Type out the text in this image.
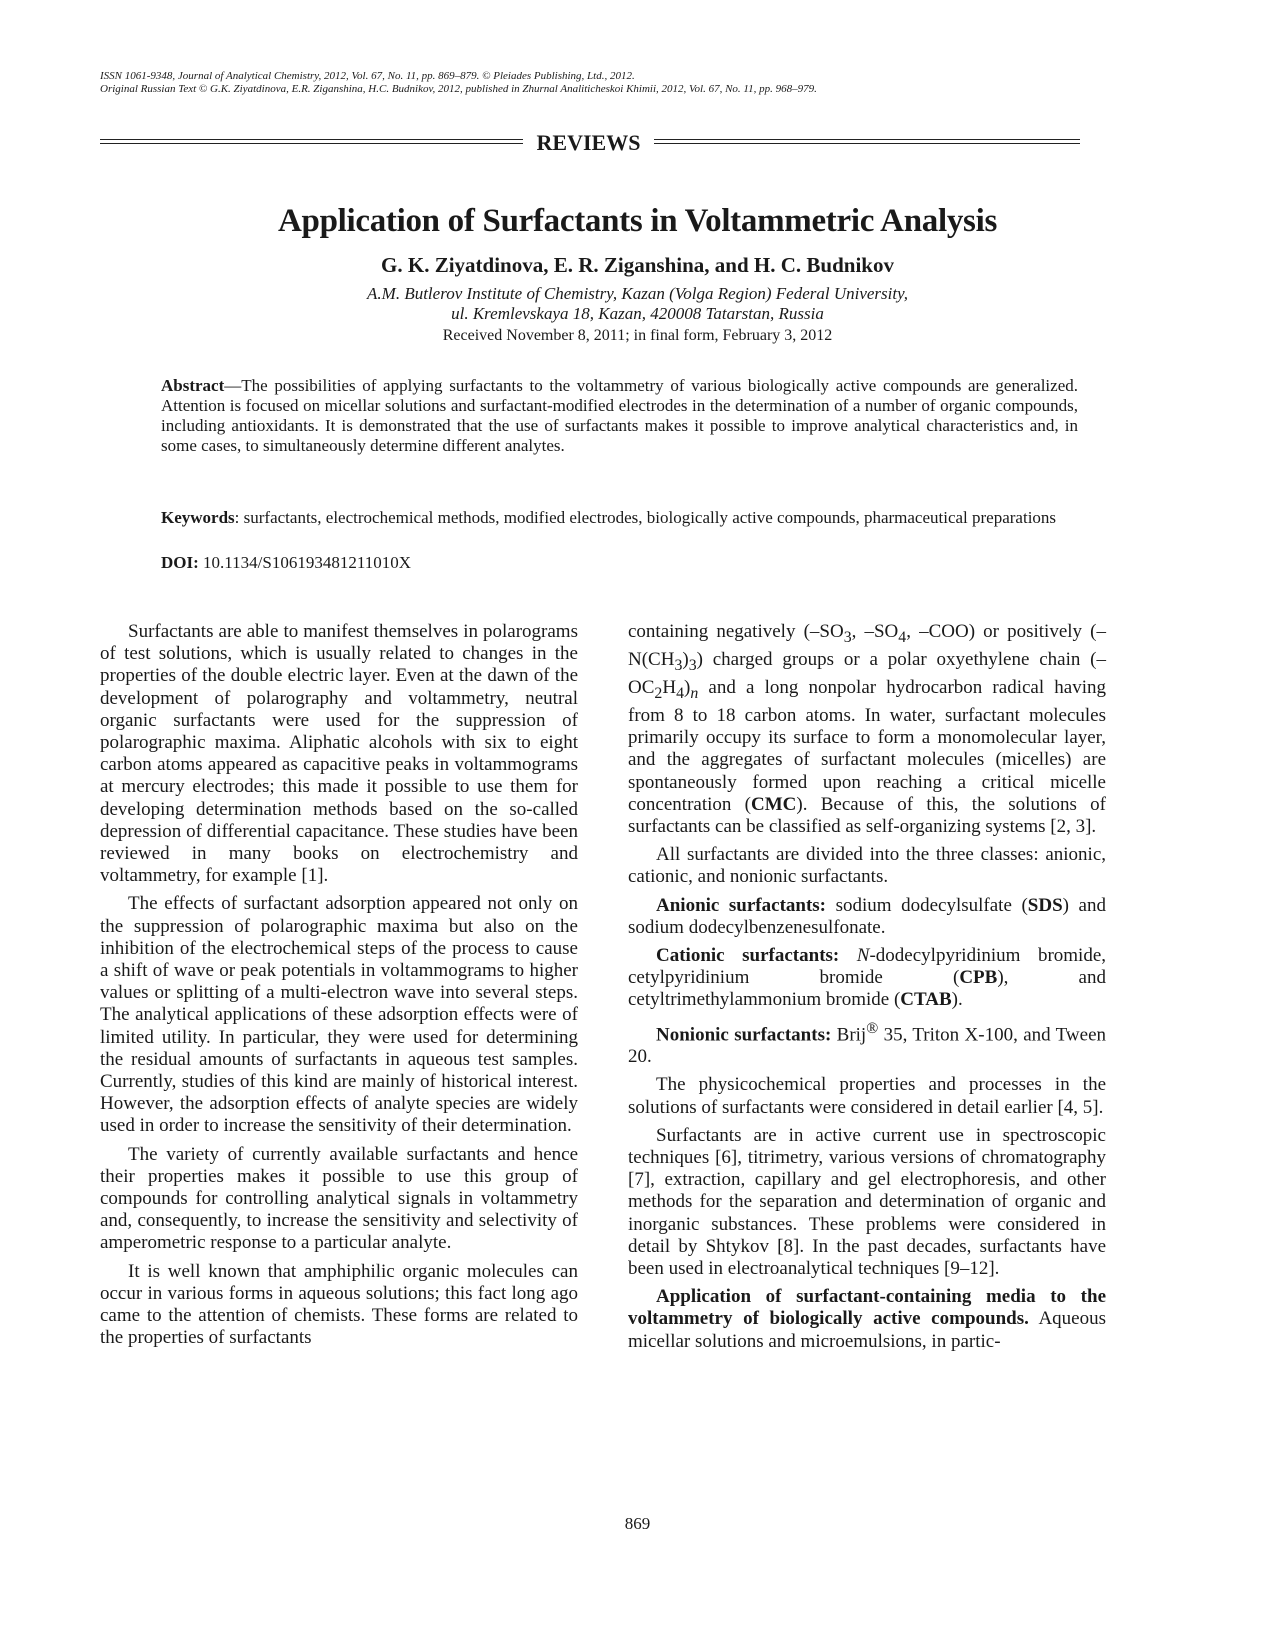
ISSN 1061-9348, Journal of Analytical Chemistry, 2012, Vol. 67, No. 11, pp. 869–879. © Pleiades Publishing, Ltd., 2012.
Original Russian Text © G.K. Ziyatdinova, E.R. Ziganshina, H.C. Budnikov, 2012, published in Zhurnal Analiticheskoi Khimii, 2012, Vol. 67, No. 11, pp. 968–979.
REVIEWS
Application of Surfactants in Voltammetric Analysis
G. K. Ziyatdinova, E. R. Ziganshina, and H. C. Budnikov
A.M. Butlerov Institute of Chemistry, Kazan (Volga Region) Federal University,
ul. Kremlevskaya 18, Kazan, 420008 Tatarstan, Russia
Received November 8, 2011; in final form, February 3, 2012
Abstract—The possibilities of applying surfactants to the voltammetry of various biologically active compounds are generalized. Attention is focused on micellar solutions and surfactant-modified electrodes in the determination of a number of organic compounds, including antioxidants. It is demonstrated that the use of surfactants makes it possible to improve analytical characteristics and, in some cases, to simultaneously determine different analytes.
Keywords: surfactants, electrochemical methods, modified electrodes, biologically active compounds, pharmaceutical preparations
DOI: 10.1134/S106193481211010X

Surfactants are able to manifest themselves in polarograms of test solutions, which is usually related to changes in the properties of the double electric layer. Even at the dawn of the development of polarography and voltammetry, neutral organic surfactants were used for the suppression of polarographic maxima. Aliphatic alcohols with six to eight carbon atoms appeared as capacitive peaks in voltammograms at mercury electrodes; this made it possible to use them for developing determination methods based on the so-called depression of differential capacitance. These studies have been reviewed in many books on electrochemistry and voltammetry, for example [1].

The effects of surfactant adsorption appeared not only on the suppression of polarographic maxima but also on the inhibition of the electrochemical steps of the process to cause a shift of wave or peak potentials in voltammograms to higher values or splitting of a multi-electron wave into several steps. The analytical applications of these adsorption effects were of limited utility. In particular, they were used for determining the residual amounts of surfactants in aqueous test samples. Currently, studies of this kind are mainly of historical interest. However, the adsorption effects of analyte species are widely used in order to increase the sensitivity of their determination.

The variety of currently available surfactants and hence their properties makes it possible to use this group of compounds for controlling analytical signals in voltammetry and, consequently, to increase the sensitivity and selectivity of amperometric response to a particular analyte.

It is well known that amphiphilic organic molecules can occur in various forms in aqueous solutions; this fact long ago came to the attention of chemists. These forms are related to the properties of surfactants

containing negatively ($-SO_3$, $-SO_4$, –COO) or positively $(-N(CH_3)_3)$ charged groups or a polar oxyethylene chain $(-OC_2H_4)_n$ and a long nonpolar hydrocarbon radical having from 8 to 18 carbon atoms. In water, surfactant molecules primarily occupy its surface to form a monomolecular layer, and the aggregates of surfactant molecules (micelles) are spontaneously formed upon reaching a critical micelle concentration (CMC). Because of this, the solutions of surfactants can be classified as self-organizing systems [2, 3].

All surfactants are divided into the three classes: anionic, cationic, and nonionic surfactants.

Anionic surfactants: sodium dodecylsulfate (SDS) and sodium dodecylbenzenesulfonate.

Cationic surfactants: N-dodecylpyridinium bromide, cetylpyridinium bromide (CPB), and cetyltrimethylammonium bromide (CTAB).

Nonionic surfactants: Brij® 35, Triton X-100, and Tween 20.

The physicochemical properties and processes in the solutions of surfactants were considered in detail earlier [4, 5].

Surfactants are in active current use in spectroscopic techniques [6], titrimetry, various versions of chromatography [7], extraction, capillary and gel electrophoresis, and other methods for the separation and determination of organic and inorganic substances. These problems were considered in detail by Shtykov [8]. In the past decades, surfactants have been used in electroanalytical techniques [9–12].

Application of surfactant-containing media to the voltammetry of biologically active compounds. Aqueous micellar solutions and microemulsions, in partic-

869
